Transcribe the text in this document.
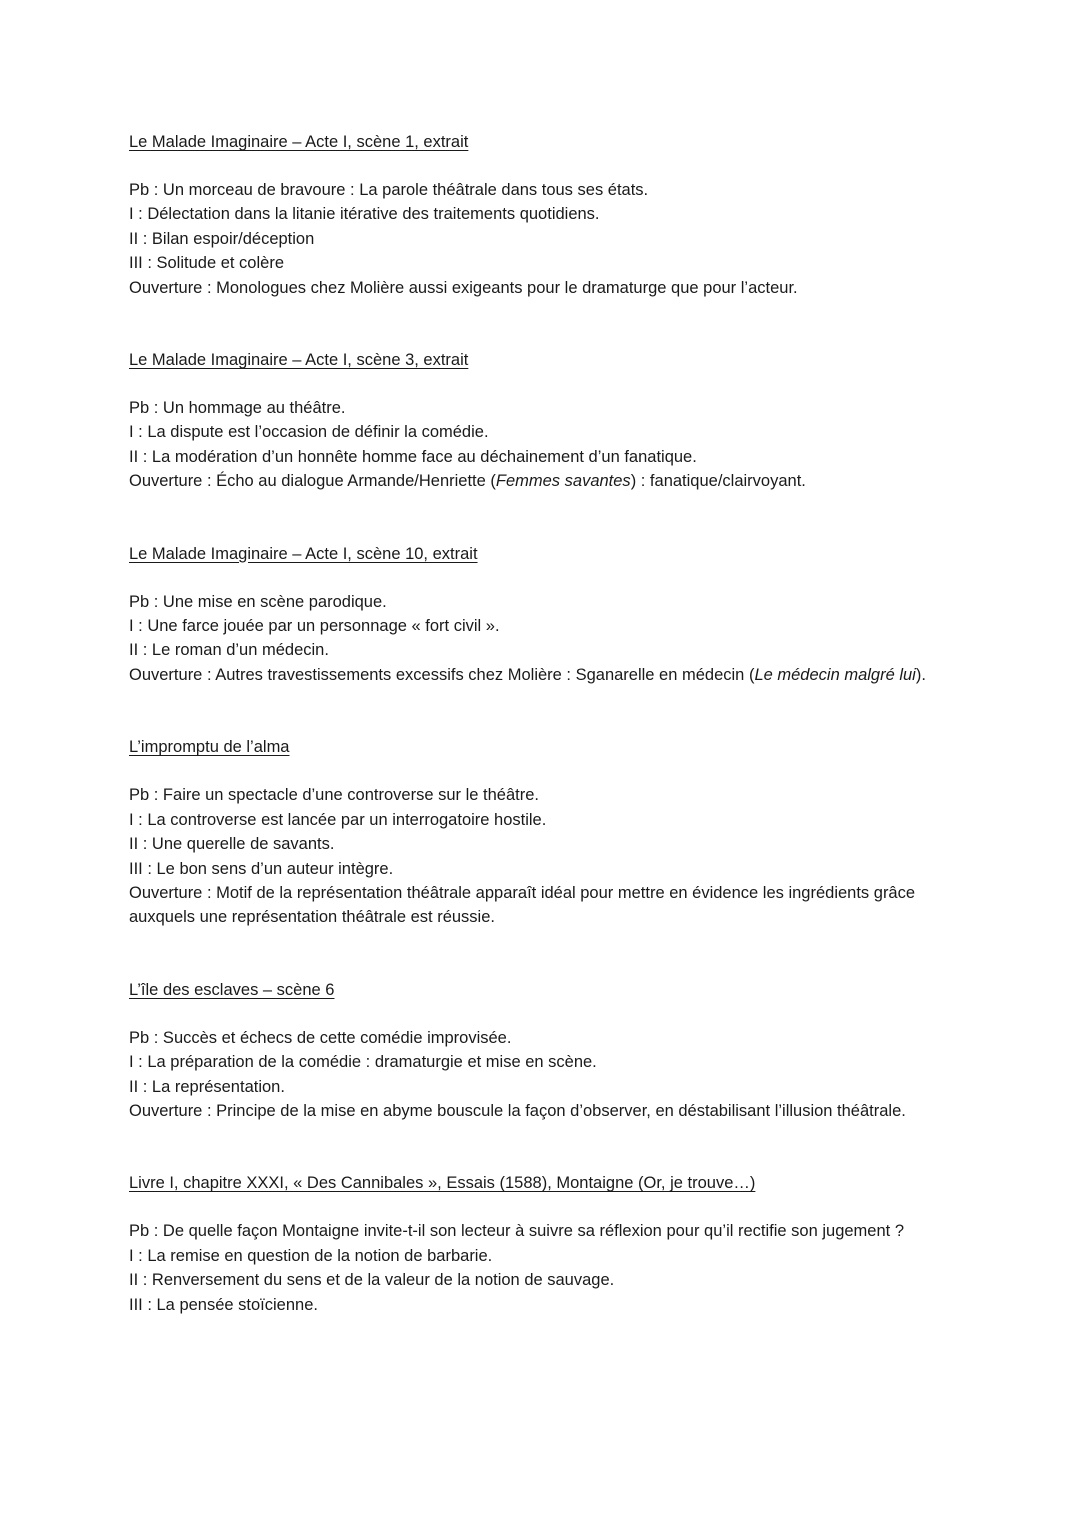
Le Malade Imaginaire – Acte I, scène 1, extrait

Pb : Un morceau de bravoure : La parole théâtrale dans tous ses états.

I : Délectation dans la litanie itérative des traitements quotidiens.

II : Bilan espoir/déception

III : Solitude et colère

Ouverture : Monologues chez Molière aussi exigeants pour le dramaturge que pour l’acteur.

Le Malade Imaginaire – Acte I, scène 3, extrait

Pb : Un hommage au théâtre.

I : La dispute est l’occasion de définir la comédie.

II : La modération d’un honnête homme face au déchainement d’un fanatique.

Ouverture : Écho au dialogue Armande/Henriette (Femmes savantes) : fanatique/clairvoyant.

Le Malade Imaginaire – Acte I, scène 10, extrait

Pb : Une mise en scène parodique.

I : Une farce jouée par un personnage « fort civil ».

II : Le roman d’un médecin.

Ouverture : Autres travestissements excessifs chez Molière : Sganarelle en médecin (Le médecin malgré lui).

L’impromptu de l’alma

Pb : Faire un spectacle d’une controverse sur le théâtre.

I : La controverse est lancée par un interrogatoire hostile.

II : Une querelle de savants.

III : Le bon sens d’un auteur intègre.

Ouverture : Motif de la représentation théâtrale apparaît idéal pour mettre en évidence les ingrédients grâce auxquels une représentation théâtrale est réussie.

L’île des esclaves – scène 6

Pb : Succès et échecs de cette comédie improvisée.

I : La préparation de la comédie : dramaturgie et mise en scène.

II : La représentation.

Ouverture : Principe de la mise en abyme bouscule la façon d’observer, en déstabilisant l’illusion théâtrale.

Livre I, chapitre XXXI, « Des Cannibales », Essais (1588), Montaigne (Or, je trouve…)

Pb : De quelle façon Montaigne invite-t-il son lecteur à suivre sa réflexion pour qu’il rectifie son jugement ?

I : La remise en question de la notion de barbarie.

II : Renversement du sens et de la valeur de la notion de sauvage.

III : La pensée stoïcienne.
